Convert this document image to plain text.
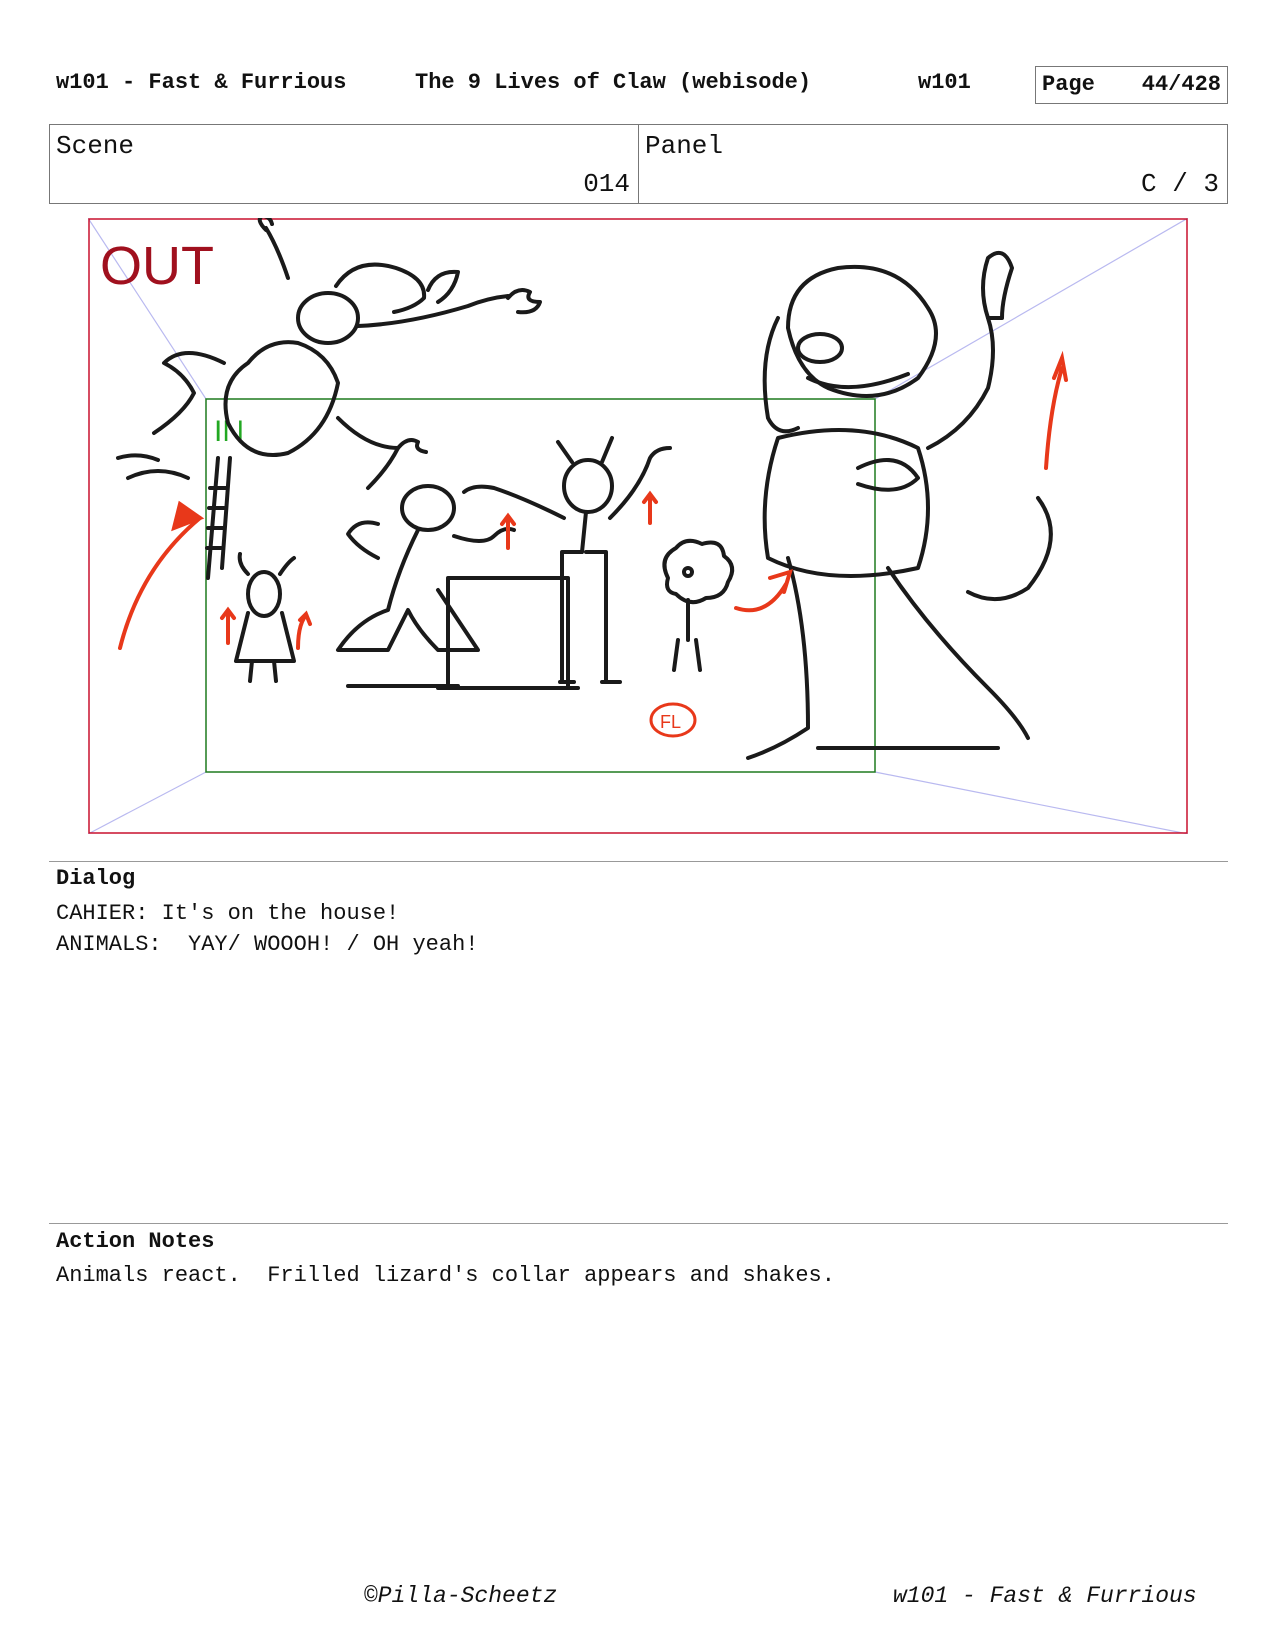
w101 - Fast & Furrious	The 9 Lives of Claw (webisode)	w101	Page 44/428
Scene
014
Panel
C / 3
OUT
IN
FL
Dialog
CAHIER: It's on the house!
ANIMALS:  YAY/ WOOOH! / OH yeah!
Action Notes
Animals react.  Frilled lizard's collar appears and shakes.
©Pilla-Scheetz	w101 - Fast & Furrious
